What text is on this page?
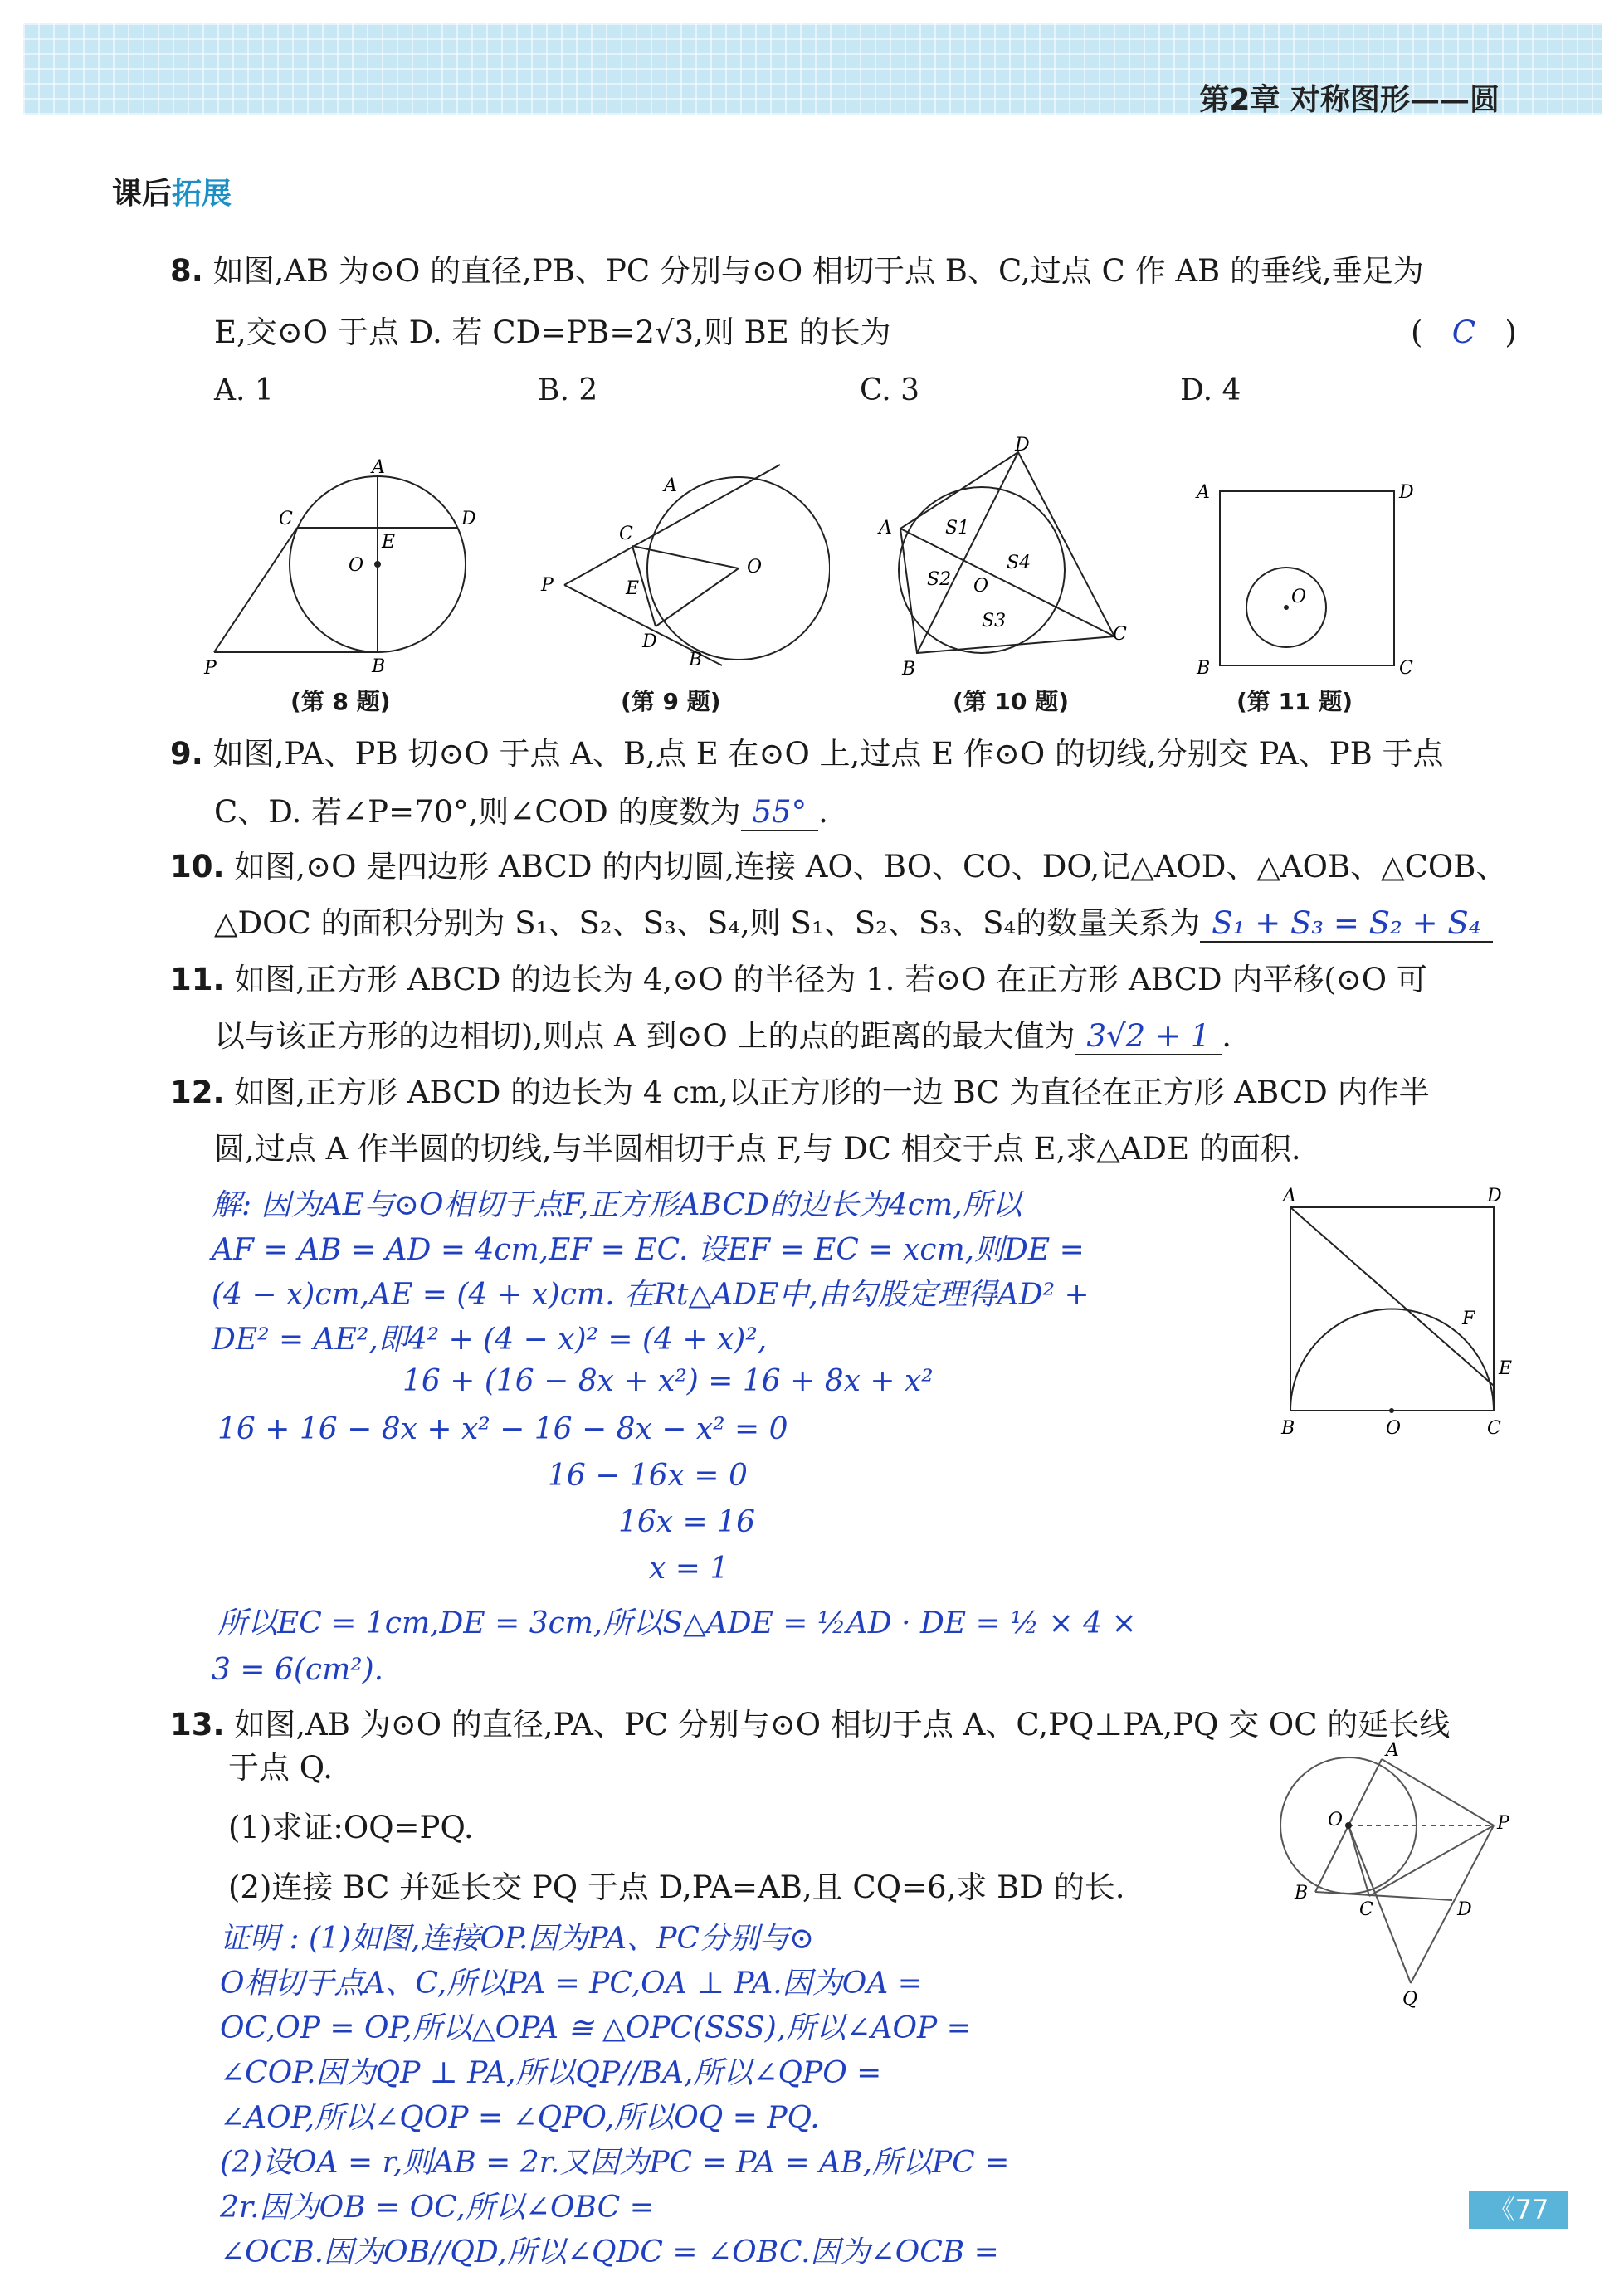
第2章 对称图形——圆
课后拓展
8. 如图,AB 为⊙O 的直径,PB、PC 分别与⊙O 相切于点 B、C,过点 C 作 AB 的垂线,垂足为
E,交⊙O 于点 D. 若 CD=PB=2√3,则 BE 的长为	(   C   )
A. 1	B. 2	C. 3	D. 4
A
C	D
E
O
P	B
(第 8 题)
A
C
O
P	E
D
B
(第 9 题)
D
A	S1
S4
S2 O
S3
B
C
(第 10 题)
A	D
O
B	C
(第 11 题)
9. 如图,PA、PB 切⊙O 于点 A、B,点 E 在⊙O 上,过点 E 作⊙O 的切线,分别交 PA、PB 于点
C、D. 若∠P=70°,则∠COD 的度数为 55° .
10. 如图,⊙O 是四边形 ABCD 的内切圆,连接 AO、BO、CO、DO,记△AOD、△AOB、△COB、
△DOC 的面积分别为 S₁、S₂、S₃、S₄,则 S₁、S₂、S₃、S₄的数量关系为 S₁ + S₃ = S₂ + S₄
11. 如图,正方形 ABCD 的边长为 4,⊙O 的半径为 1. 若⊙O 在正方形 ABCD 内平移(⊙O 可
以与该正方形的边相切),则点 A 到⊙O 上的点的距离的最大值为 3√2 + 1 .
12. 如图,正方形 ABCD 的边长为 4 cm,以正方形的一边 BC 为直径在正方形 ABCD 内作半
圆,过点 A 作半圆的切线,与半圆相切于点 F,与 DC 相交于点 E,求△ADE 的面积.
解: 因为AE与⊙O相切于点F,正方形ABCD的边长为4cm,所以
AF = AB = AD = 4cm,EF = EC. 设EF = EC = xcm,则DE =
(4 − x)cm,AE = (4 + x)cm. 在Rt△ADE中,由勾股定理得AD² +
DE² = AE²,即4² + (4 − x)² = (4 + x)²,
16 + (16 − 8x + x²) = 16 + 8x + x²
16 + 16 − 8x + x² − 16 − 8x − x² = 0
16 − 16x = 0
16x = 16
x = 1
所以EC = 1cm,DE = 3cm,所以S△ADE = ½AD · DE = ½ × 4 ×
3 = 6(cm²).
A	D
F
E
B	O	C
13. 如图,AB 为⊙O 的直径,PA、PC 分别与⊙O 相切于点 A、C,PQ⊥PA,PQ 交 OC 的延长线
于点 Q.
(1)求证:OQ=PQ.
(2)连接 BC 并延长交 PQ 于点 D,PA=AB,且 CQ=6,求 BD 的长.
证明 : (1)如图,连接OP.因为PA、PC分别与⊙
O相切于点A、C,所以PA = PC,OA ⊥ PA.因为OA =
OC,OP = OP,所以△OPA ≅ △OPC(SSS),所以∠AOP =
∠COP.因为QP ⊥ PA,所以QP//BA,所以∠QPO =
∠AOP,所以∠QOP = ∠QPO,所以OQ = PQ.
(2)设OA = r,则AB = 2r.又因为PC = PA = AB,所以PC =
2r.因为OB = OC,所以∠OBC =
∠OCB.因为OB//QD,所以∠QDC = ∠OBC.因为∠OCB =
A
O	P
B
C	D
Q
《77
